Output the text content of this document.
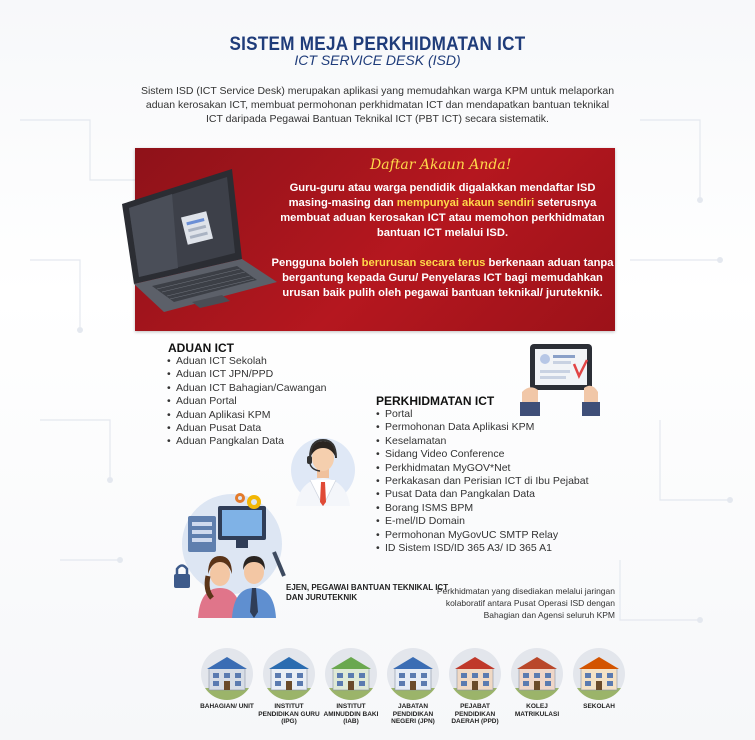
SISTEM MEJA PERKHIDMATAN ICT
ICT SERVICE DESK (ISD)
Sistem ISD (ICT Service Desk) merupakan aplikasi yang memudahkan warga KPM untuk melaporkan aduan kerosakan ICT, membuat permohonan perkhidmatan ICT dan mendapatkan bantuan teknikal ICT daripada Pegawai Bantuan Teknikal ICT (PBT ICT) secara sistematik.
Daftar Akaun Anda!
Guru-guru atau warga pendidik digalakkan mendaftar ISD masing-masing dan mempunyai akaun sendiri seterusnya membuat aduan kerosakan ICT atau memohon perkhidmatan bantuan ICT melalui ISD.
Pengguna boleh berurusan secara terus berkenaan aduan tanpa bergantung kepada Guru/ Penyelaras ICT bagi memudahkan urusan baik pulih oleh pegawai bantuan teknikal/ juruteknik.
ADUAN ICT
• Aduan ICT Sekolah
• Aduan ICT JPN/PPD
• Aduan ICT Bahagian/Cawangan
• Aduan Portal
• Aduan Aplikasi KPM
• Aduan Pusat Data
• Aduan Pangkalan Data
PERKHIDMATAN ICT
• Portal
• Permohonan Data Aplikasi KPM
• Keselamatan
• Sidang Video Conference
• Perkhidmatan MyGOV*Net
• Perkakasan dan Perisian ICT di Ibu Pejabat
• Pusat Data dan Pangkalan Data
• Borang ISMS BPM
• E-mel/ID Domain
• Permohonan MyGovUC SMTP Relay
• ID Sistem ISD/ID 365 A3/ ID 365 A1
EJEN, PEGAWAI BANTUAN TEKNIKAL ICT DAN JURUTEKNIK
Perkhidmatan yang disediakan melalui jaringan kolaboratif antara Pusat Operasi ISD dengan Bahagian dan Agensi seluruh KPM
BAHAGIAN/ UNIT	INSTITUT PENDIDIKAN GURU (IPG)
INSTITUT AMINUDDIN BAKI (IAB)
JABATAN PENDIDIKAN NEGERI (JPN)
PEJABAT PENDIDIKAN DAERAH (PPD)
KOLEJ MATRIKULASI
SEKOLAH
